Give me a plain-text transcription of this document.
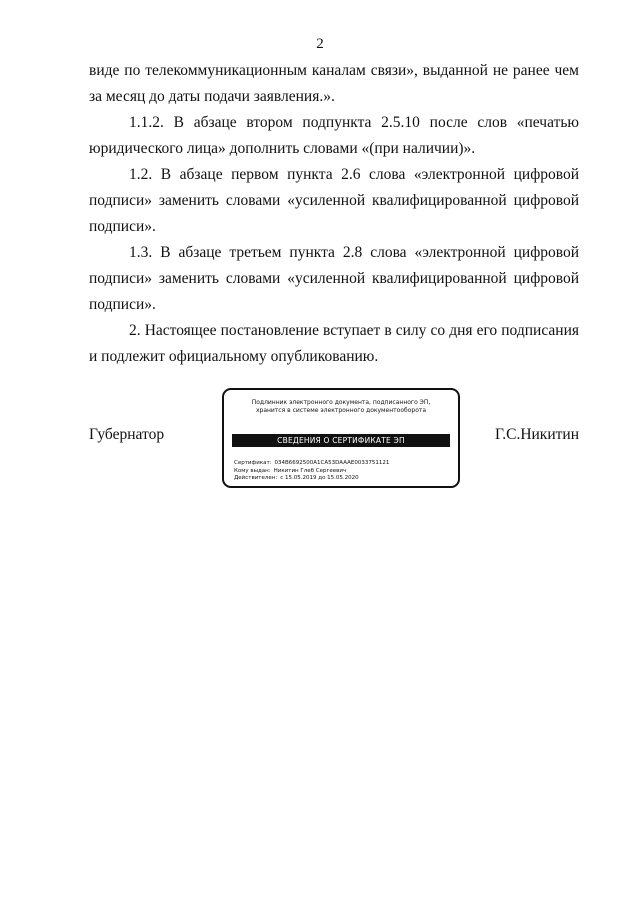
2

виде по телекоммуникационным каналам связи», выданной не ранее чем за месяц до даты подачи заявления.».

1.1.2. В абзаце втором подпункта 2.5.10 после слов «печатью юридического лица» дополнить словами «(при наличии)».

1.2. В абзаце первом пункта 2.6 слова «электронной цифровой подписи» заменить словами «усиленной квалифицированной цифровой подписи».

1.3. В абзаце третьем пункта 2.8 слова «электронной цифровой подписи» заменить словами «усиленной квалифицированной цифровой подписи».

2. Настоящее постановление вступает в силу со дня его подписания и подлежит официальному опубликованию.

Губернатор
Подлинник электронного документа, подписанного ЭП,
хранится в системе электронного документооборота
СВЕДЕНИЯ О СЕРТИФИКАТЕ ЭП
Сертификат: 034B6692500A1CA53DAAAE0033751121
Кому выдан: Никитин Глеб Сергеевич
Действителен: с 15.05.2019 до 15.05.2020
Г.С.Никитин
